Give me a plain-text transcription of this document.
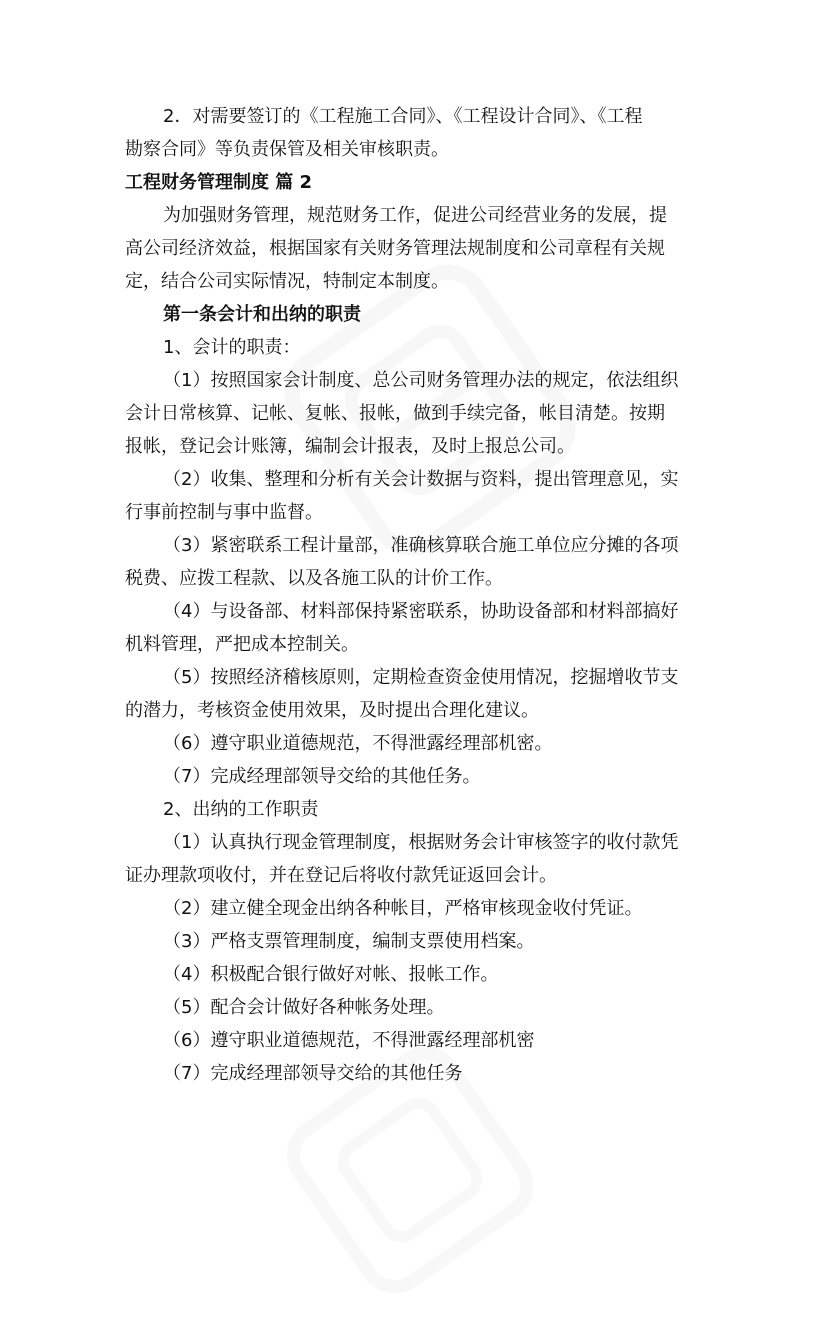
2．对需要签订的《工程施工合同》、《工程设计合同》、《工程

勘察合同》等负责保管及相关审核职责。

工程财务管理制度 篇 2

为加强财务管理，规范财务工作，促进公司经营业务的发展，提

高公司经济效益，根据国家有关财务管理法规制度和公司章程有关规

定，结合公司实际情况，特制定本制度。

第一条会计和出纳的职责

1、会计的职责：

（1）按照国家会计制度、总公司财务管理办法的规定，依法组织

会计日常核算、记帐、复帐、报帐，做到手续完备，帐目清楚。按期

报帐，登记会计账簿，编制会计报表，及时上报总公司。

（2）收集、整理和分析有关会计数据与资料，提出管理意见，实

行事前控制与事中监督。

（3）紧密联系工程计量部，准确核算联合施工单位应分摊的各项

税费、应拨工程款、以及各施工队的计价工作。

（4）与设备部、材料部保持紧密联系，协助设备部和材料部搞好

机料管理，严把成本控制关。

（5）按照经济稽核原则，定期检查资金使用情况，挖掘增收节支

的潜力，考核资金使用效果，及时提出合理化建议。

（6）遵守职业道德规范，不得泄露经理部机密。

（7）完成经理部领导交给的其他任务。

2、出纳的工作职责

（1）认真执行现金管理制度，根据财务会计审核签字的收付款凭

证办理款项收付，并在登记后将收付款凭证返回会计。

（2）建立健全现金出纳各种帐目，严格审核现金收付凭证。

（3）严格支票管理制度，编制支票使用档案。

（4）积极配合银行做好对帐、报帐工作。

（5）配合会计做好各种帐务处理。

（6）遵守职业道德规范，不得泄露经理部机密

（7）完成经理部领导交给的其他任务
